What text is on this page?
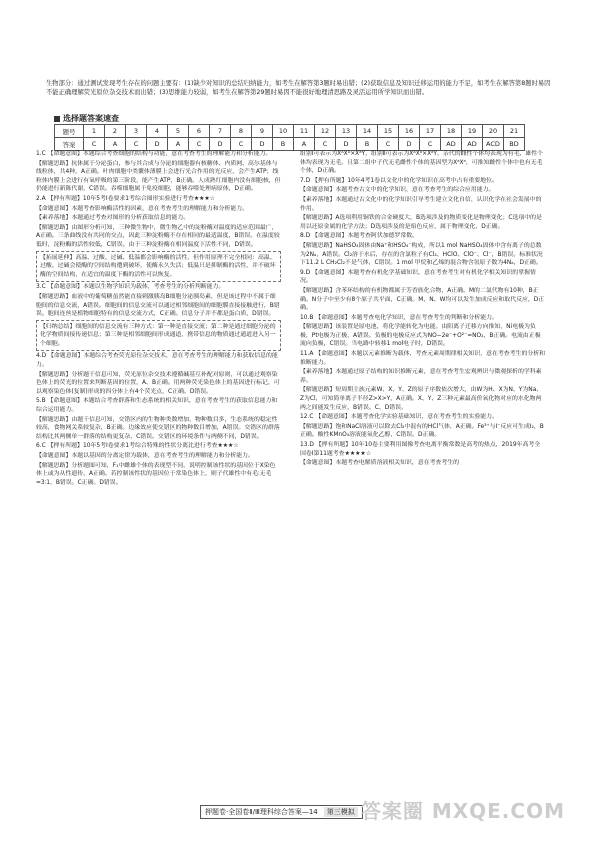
生物部分：通过测试发现考生存在的问题主要有：(1)缺少对知识的总结归纳能力，如考生在解答第3题时易出错；(2)获取信息及知识迁移运用的能力不足，如考生在解答第8题时易因不能正确理解荧光原位杂交技术而出错；(3)思维能力较弱，如考生在解答第29题时易因不能很好地理清思路及灵活运用所学知识而出错。
选择题答案速查
题号	1	2	3	4	5	6	7	8	9	10	11	12	13	14	15	16	17	18	19	20	21
答案	C	A	C	D	A	C	D	C	D	B	A	C	D	B	C	D	C	AD	AD	ACD	BD

1.C 【命题意图】本题综合考查细胞的结构与功能，意在考查考生的理解能力和分析能力。

【解题思路】抗体属于分泌蛋白，参与其合成与分泌的细胞器有核糖体、内质网、高尔基体与线粒体，共4种，A正确。叶肉细胞中类囊体薄膜上会进行光合作用的光反应，会产生ATP；线粒体内膜上会进行有氧呼吸的第三阶段，能产生ATP，B正确。人成熟红细胞内没有细胞核，但仍能进行新陈代谢，C错误。吞噬细胞属于免疫细胞，能够吞噬处理病原体，D正确。

2.A 【押有所题】10年5考Ⅰ卷要求1考综合图形实验进行考查★★★☆

【命题意图】本题考查影响酶活性的因素，意在考查考生的理解能力和分析能力。

【素养落地】本题通过考查对图形的分析获取信息的能力。

【解题思路】由图形分析可知，三种微生物中，微生物乙中的淀粉酶对温度的适应范围最广，A正确。三条曲线没有共同的交点，因此三种淀粉酶不存在相同的最适温度，B错误。在温度较低时，淀粉酶的活性较低，C错误。由于三种淀粉酶在相同温度下活性不同，D错误。

【拓展延伸】高温、过酸、过碱、低温都会影响酶的活性，但作用原理不完全相同：高温、过酸、过碱会使酶的空间结构遭到破坏，使酶永久失活；低温只是抑制酶的活性，并不破坏酶的空间结构，在适宜的温度下酶的活性可以恢复。

3.C 【命题意图】本题以生物学知识为载体，考查考生的分析判断能力。

【解题思路】血液中的葡萄糖虽然能直接刺激胰岛B细胞分泌胰岛素，但是该过程中不属于细胞间的信息交流，A错误。细胞间的信息交流可以通过相邻细胞间的细胞膜直接接触进行，B错误。胞间连丝是植物细胞特有的信息交流方式，C正确。信息分子并不都是蛋白质，D错误。

【归纳总结】细胞间的信息交流有三种方式：第一种是直接交流；第二种是通过细胞分泌的化学物质间接传递信息；第三种是相邻细胞间形成通道，携带信息的物质通过通道进入另一个细胞。

4.D 【命题意图】本题综合考查荧光原位杂交技术，意在考查考生的理解能力和获取信息的能力。

【解题思路】分析题干信息可知，荧光原位杂交技术遵循碱基互补配对原则，可以通过观察染色体上的荧光的位置来判断基因的位置，A、B正确。用两种荧光染色体上的基因进行标记，可以观察染色体(复制)形成的四分体上有4个荧光点，C正确。D错误。

5.B 【命题意图】本题结合考查群落和生态系统的相关知识，意在考查考生的获取信息能力和综合运用能力。

【解题思路】由题干信息可知，交错区内的生物种类数增加，物种数目多，生态系统的稳定性较高，食物网关系较复杂，B正确。边缘效应使交错区的物种数目增加，A错误。交错区的群落结构比其两侧单一群落的结构更复杂，C错误。交错区的环境条件与两侧不同，D错误。

6.C 【押有所题】10年5考Ⅰ卷要求1考综合特殊的性状分离比进行考查★★★☆

【命题意图】本题以基因的分离定律为载体，意在考查考生的理解能力和分析能力。

【解题思路】分析题图可知，F₁中雌雄个体的表现型不同，说明控制该性状的基因位于X染色体上或为从性遗传，A正确。若控制该性状的基因位于常染色体上，则子代雄性中有毛∶无毛=3∶1，B错误。C正确。D错误。

组别Ⅰ可表示为XᴬXᴬ×XᵃY，组别Ⅱ可表示为XᴬXᵃ×XᵃY，亲代的雌性个体均表现为有毛，雄性个体均表现为无毛，且第二组中子代无毛雌性个体的基因型为XᵃXᵃ，可推知雌性个体中也有无毛个体，D正确。

7.D 【押有所题】10年4考1卷以文化中的化学知识在高考中占有重要地位。

【命题意图】本题考查古文中的化学知识，意在考查考生的综合应用能力。

【素养落地】本题通过古文化中的化学知识引导考生建立文化自信，认识化学在社会发展中的作用。

【解题思路】A选项利用铜铁的合金硬度大，B选项涉及的物质变化是物理变化；C选项中的是用以还原金属的化学方法；D选项涉及的是焰色反应，属于物理变化，D正确。

8.D 【命题意图】本题考查阿伏加德罗常数。

【解题思路】NaHSO₄固体由Na⁺和HSO₄⁻构成，所以1 mol NaHSO₄固体中含有离子的总数为2Nₐ，A错误。Cl₂溶于水后，存在的含氯粒子有Cl₂、HClO、ClO⁻、Cl⁻，B错误。标准状况下11.2 L CH₂Cl₂不是气体，C错误。1 mol 甲烷和乙烯的混合物含氢原子数为4Nₐ，D正确。

9.D 【命题意图】本题考查有机化学基础知识，意在考查考生对有机化学相关知识的掌握情况。

【解题思路】含苯环结构的有机物都属于芳香族化合物，A正确。M的二氯代物有10种，B正确。N分子中至少有8个原子共平面，C正确。M、N、W均可以发生加成反应和取代反应，D正确。

10.B 【命题意图】本题考查电化学知识，意在考查考生的判断和分析能力。

【解题思路】该装置是原电池，将化学能转化为电能。由阳离子迁移方向推知，Ni电极为负极，Pt电极为正极，A错误。负极的电极反应式为NO−2e⁻+O²⁻=NO₂，B正确。电流由正极流向负极，C错误。当电路中转移1 mol电子时，D错误。

11.A 【命题意图】本题以元素推断为载体，考查元素周期律相关知识，意在考查考生的分析和推断能力。

【素养落地】本题通过原子结构的知识推断元素，意在考查考生宏观辨识与微观探析的学科素养。

【解题思路】短周期主族元素W、X、Y、Z的原子序数依次增大，由W为H、X为N、Y为Na、Z为Cl，可知简单离子半径Z>X>Y，A正确。X、Y、Z三种元素最高价氧化物对应的水化物两两之间能发生反应，B错误。C、D错误。

12.C 【命题意图】本题考查化学实验基础知识，意在考查考生的实验能力。

【解题思路】饱和NaCl溶液可以除去Cl₂中混有的HCl气体，A正确。Fe³⁺与I⁻反应可生成I₂，B正确。酸性KMnO₄溶液能氧化乙醇，C错误。D正确。

13.D 【押有所题】10年10卷主要利用图像考查电离平衡常数是高考的热点，2019年高考全国卷Ⅰ第11题考查★★★★☆

【命题意图】本题考查电解质溶液相关知识，意在考查考生的

押题卷·全国卷Ⅱ/Ⅲ理科综合答案—14	第三模拟 答案圈 MXQE.COM
